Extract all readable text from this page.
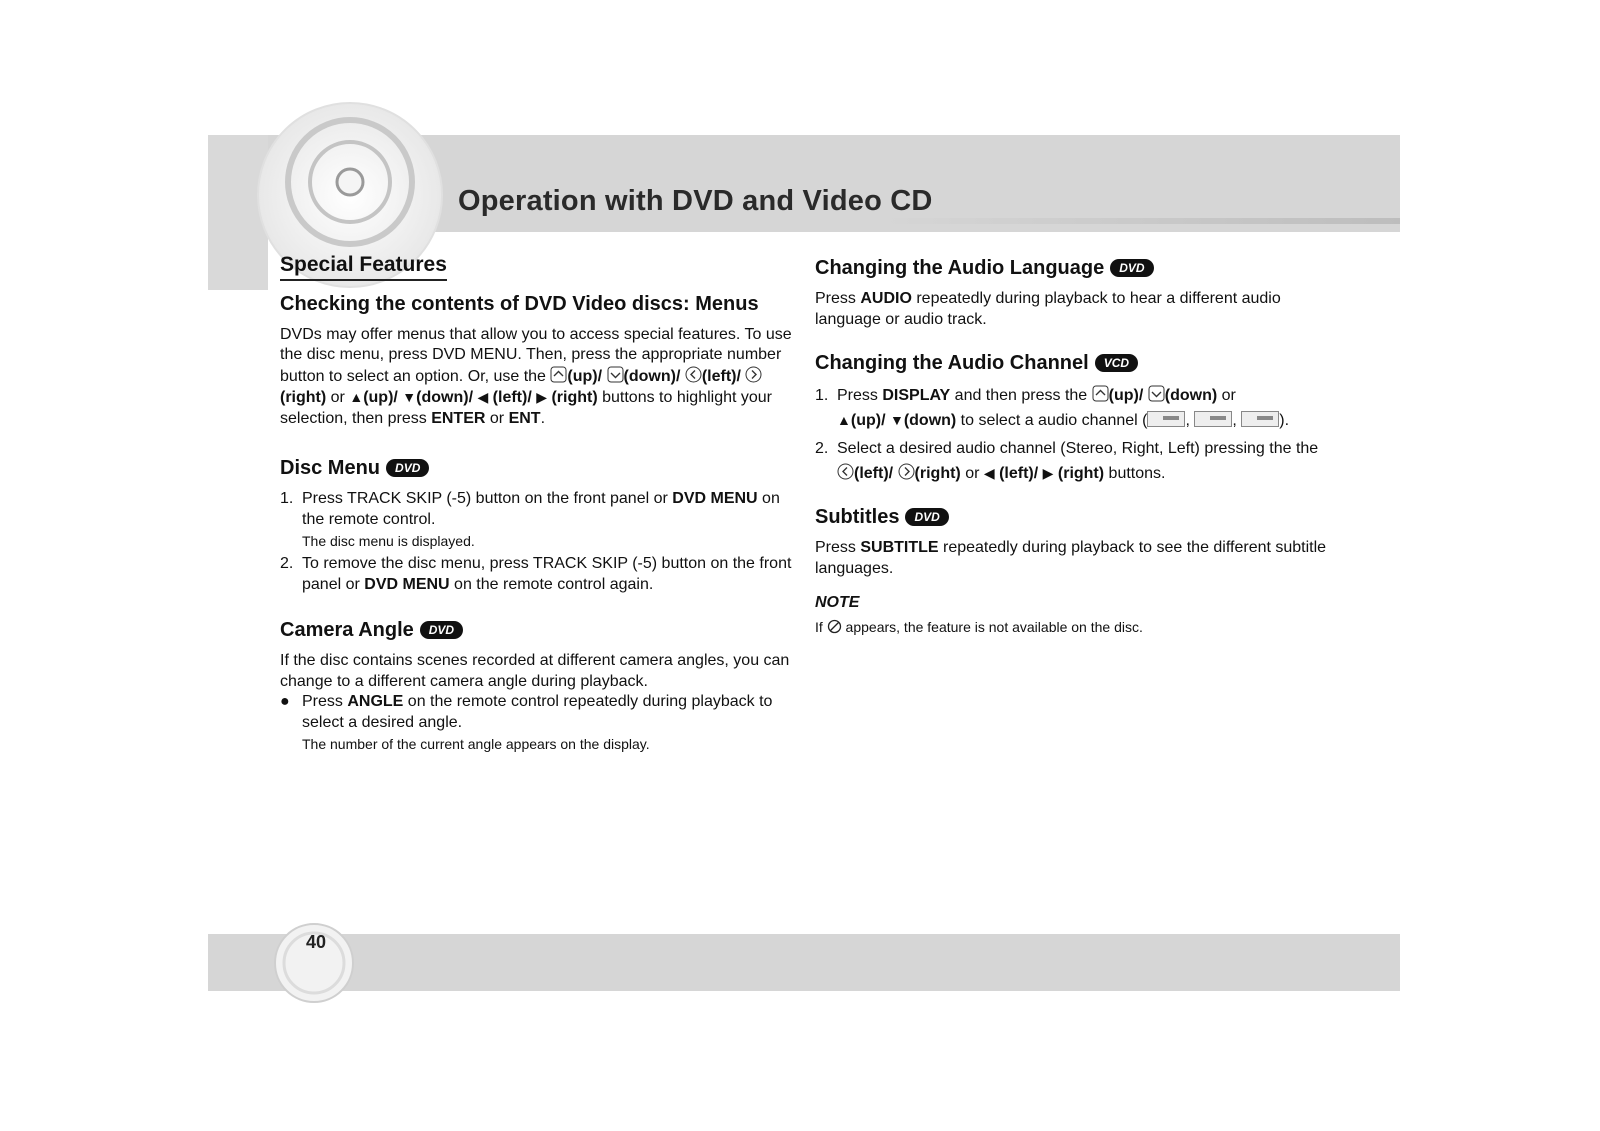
Operation with DVD and Video CD
Special Features
Checking the contents of DVD Video discs: Menus

DVDs may offer menus that allow you to access special features. To use the disc menu, press DVD MENU. Then, press the appropriate number button to select an option. Or, use the (up)/ (down)/ (left)/ (right) or ▲(up)/ ▼(down)/ ◀ (left)/ ▶ (right) buttons to highlight your selection, then press ENTER or ENT.

Disc Menu DVD
1. Press TRACK SKIP (-5) button on the front panel or DVD MENU on the remote control.
The disc menu is displayed.
2. To remove the disc menu, press TRACK SKIP (-5) button on the front panel or DVD MENU on the remote control again.
Camera Angle DVD

If the disc contains scenes recorded at different camera angles, you can change to a different camera angle during playback.

● Press ANGLE on the remote control repeatedly during playback to select a desired angle.
The number of the current angle appears on the display.
Changing the Audio Language DVD

Press AUDIO repeatedly during playback to hear a different audio language or audio track.

Changing the Audio Channel VCD
1. Press DISPLAY and then press the (up)/ (down) or
▲(up)/ ▼(down) to select a audio channel ( ,
,
).
2. Select a desired audio channel (Stereo, Right, Left) pressing the the (left)/ (right) or ◀ (left)/ ▶ (right) buttons.
Subtitles DVD

Press SUBTITLE repeatedly during playback to see the different subtitle languages.

NOTE

If  appears, the feature is not available on the disc.

40
